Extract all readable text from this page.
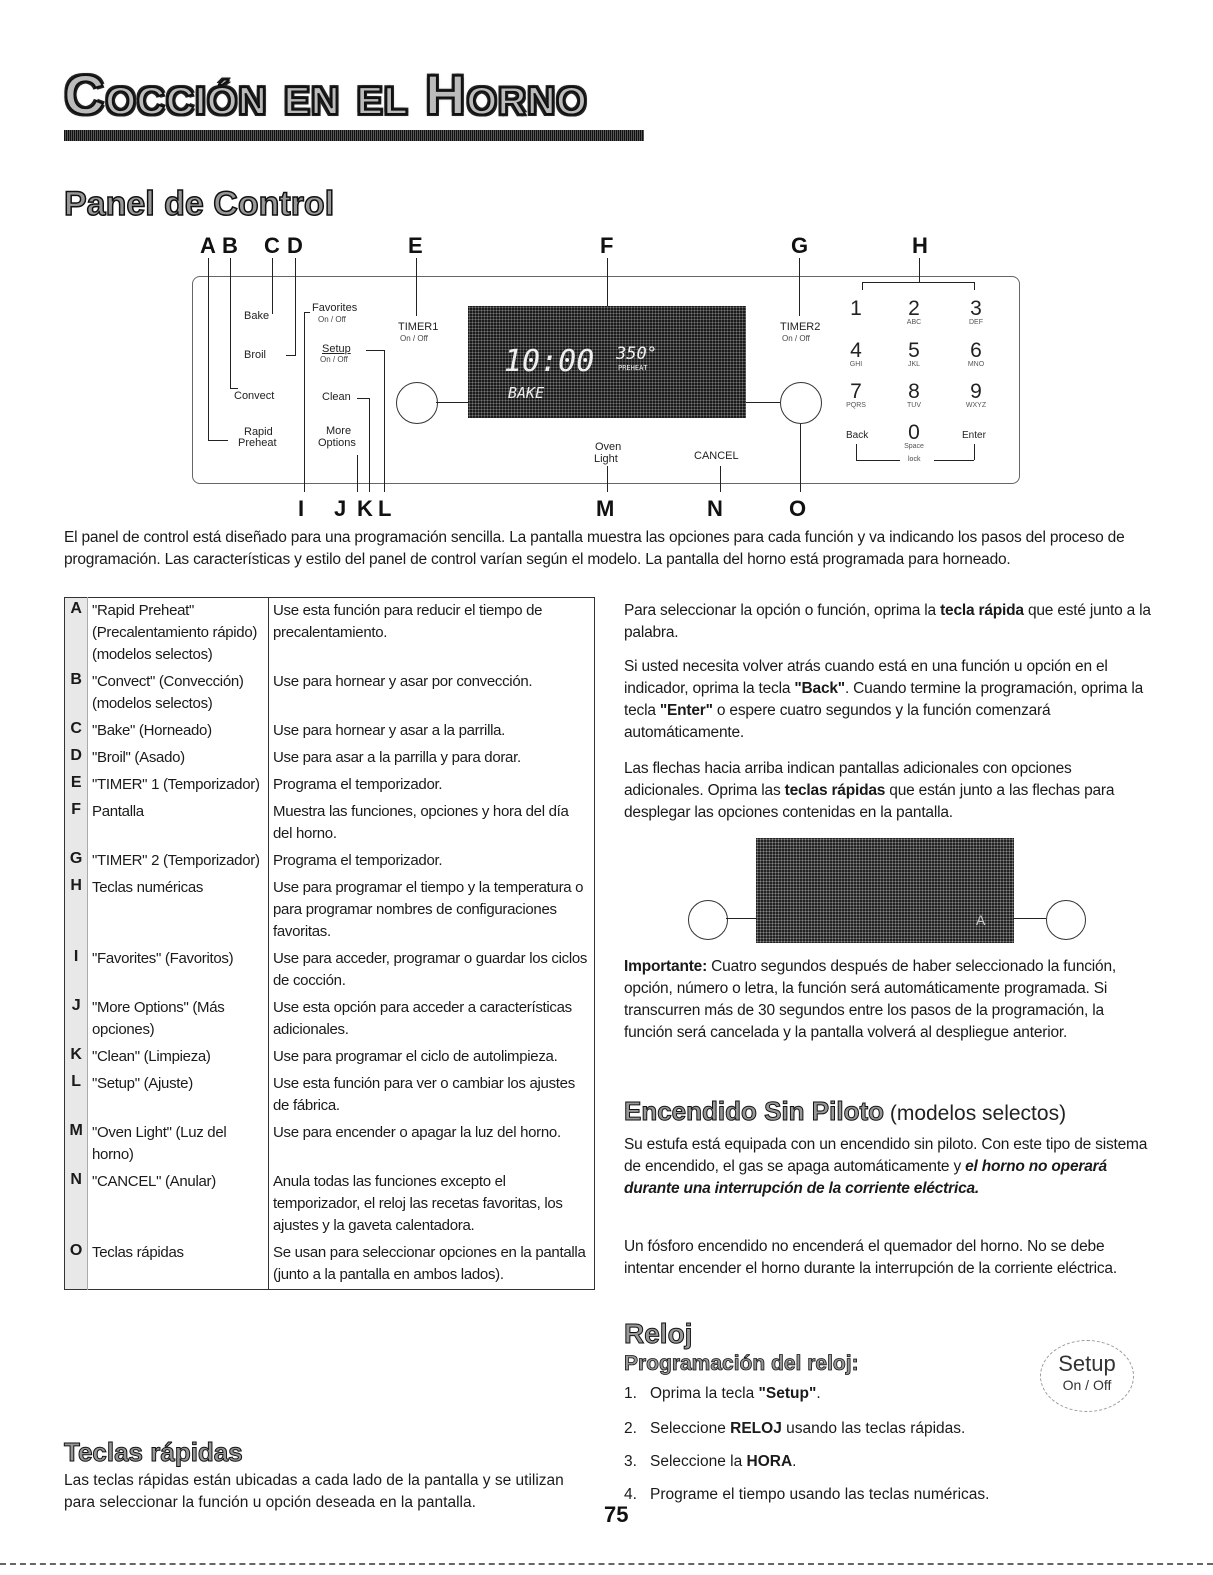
Cocción en el Horno
Panel de Control
A B C D	E	F	G	H
Bake
Broil
Convect
Rapid
Preheat
Favorites
On / Off
Setup
On / Off
Clean
More
Options
TIMER1
On / Off
TIMER2
On / Off
10:00 350°
PREHEAT
BAKE
Oven
Light	CANCEL
1	2
ABC
3
DEF
4
GHI
5
JKL
6
MNO
7
PQRS
8
TUV
9
WXYZ
Back	0
Space
Enter
lock
I J K L	M	N	O
El panel de control está diseñado para una programación sencilla. La pantalla muestra las opciones para cada función y va indicando los pasos del proceso de programación. Las características y estilo del panel de control varían según el modelo. La pantalla del horno está programada para horneado.
A	"Rapid Preheat" (Precalentamiento rápido) (modelos selectos)	Use esta función para reducir el tiempo de precalentamiento.
B	"Convect" (Convección) (modelos selectos)	Use para hornear y asar por convección.
C	"Bake" (Horneado)	Use para hornear y asar a la parrilla.
D	"Broil" (Asado)	Use para asar a la parrilla y para dorar.
E	"TIMER" 1 (Temporizador)	Programa el temporizador.
F	Pantalla	Muestra las funciones, opciones y hora del día del horno.
G	"TIMER" 2 (Temporizador)	Programa el temporizador.
H	Teclas numéricas	Use para programar el tiempo y la temperatura o para programar nombres de configuraciones favoritas.
I	"Favorites" (Favoritos)	Use para acceder, programar o guardar los ciclos de cocción.
J	"More Options" (Más opciones)	Use esta opción para acceder a características adicionales.
K	"Clean" (Limpieza)	Use para programar el ciclo de autolimpieza.
L	"Setup" (Ajuste)	Use esta función para ver o cambiar los ajustes de fábrica.
M	"Oven Light" (Luz del horno)	Use para encender o apagar la luz del horno.
N	"CANCEL" (Anular)	Anula todas las funciones excepto el temporizador, el reloj las recetas favoritas, los ajustes y la gaveta calentadora.
O	Teclas rápidas	Se usan para seleccionar opciones en la pantalla (junto a la pantalla en ambos lados).
Teclas rápidas
Las teclas rápidas están ubicadas a cada lado de la pantalla y se utilizan para seleccionar la función u opción deseada en la pantalla.
Para seleccionar la opción o función, oprima la tecla rápida que esté junto a la palabra.
Si usted necesita volver atrás cuando está en una función u opción en el indicador, oprima la tecla "Back". Cuando termine la programación, oprima la tecla "Enter" o espere cuatro segundos y la función comenzará automáticamente.
Las flechas hacia arriba indican pantallas adicionales con opciones adicionales. Oprima las teclas rápidas que están junto a las flechas para desplegar las opciones contenidas en la pantalla.
A
Importante: Cuatro segundos después de haber seleccionado la función, opción, número o letra, la función será automáticamente programada. Si transcurren más de 30 segundos entre los pasos de la programación, la función será cancelada y la pantalla volverá al despliegue anterior.
Encendido Sin Piloto (modelos selectos)
Su estufa está equipada con un encendido sin piloto. Con este tipo de sistema de encendido, el gas se apaga automáticamente y el horno no operará durante una interrupción de la corriente eléctrica.
Un fósforo encendido no encenderá el quemador del horno. No se debe intentar encender el horno durante la interrupción de la corriente eléctrica.
Reloj
Programación del reloj:	Setup
On / Off
1. Oprima la tecla "Setup".
2. Seleccione RELOJ usando las teclas rápidas.
3. Seleccione la HORA.
4. Programe el tiempo usando las teclas numéricas.
75
